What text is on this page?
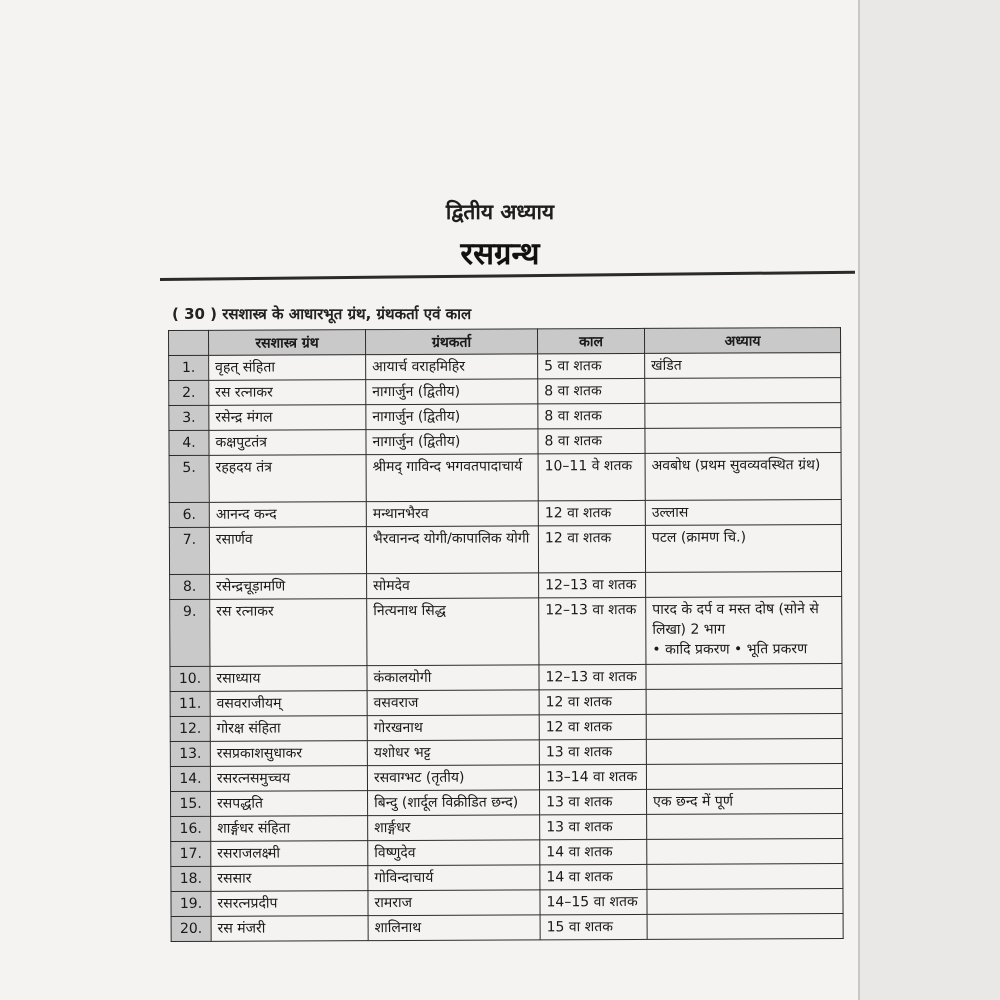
द्वितीय अध्याय
रसग्रन्थ
( 30 ) रसशास्त्र के आधारभूत ग्रंथ, ग्रंथकर्ता एवं काल
	रसशास्त्र ग्रंथ	ग्रंथकर्ता	काल	अध्याय
1.	वृहत् संहिता	आयार्च वराहमिहिर	5 वा शतक	खंडित
2.	रस रत्नाकर	नागार्जुन (द्वितीय)	8 वा शतक	
3.	रसेन्द्र मंगल	नागार्जुन (द्वितीय)	8 वा शतक	
4.	कक्षपुटतंत्र	नागार्जुन (द्वितीय)	8 वा शतक	
5.	रहहदय तंत्र	श्रीमद् गाविन्द भगवतपादाचार्य	10–11 वे शतक	अवबोध (प्रथम सुवव्यवस्थित ग्रंथ)
6.	आनन्द कन्द	मन्थानभैरव	12 वा शतक	उल्लास
7.	रसार्णव	भैरवानन्द योगी/कापालिक योगी	12 वा शतक	पटल (क्रामण चि.)
8.	रसेन्द्रचूड़ामणि	सोमदेव	12–13 वा शतक	
9.	रस रत्नाकर	नित्यनाथ सिद्ध	12–13 वा शतक	पारद के दर्प व मस्त दोष (सोने से लिखा) 2 भाग
• कादि प्रकरण • भूति प्रकरण

10.	रसाध्याय	कंकालयोगी	12–13 वा शतक	
11.	वसवराजीयम्	वसवराज	12 वा शतक	
12.	गोरक्ष संहिता	गोरखनाथ	12 वा शतक	
13.	रसप्रकाशसुधाकर	यशोधर भट्ट	13 वा शतक	
14.	रसरत्नसमुच्चय	रसवाग्भट (तृतीय)	13–14 वा शतक	
15.	रसपद्धति	बिन्दु (शार्दूल विक्रीडित छन्द)	13 वा शतक	एक छन्द में पूर्ण
16.	शार्ङ्गधर संहिता	शार्ङ्गधर	13 वा शतक	
17.	रसराजलक्ष्मी	विष्णुदेव	14 वा शतक	
18.	रससार	गोविन्दाचार्य	14 वा शतक	
19.	रसरत्नप्रदीप	रामराज	14–15 वा शतक	
20.	रस मंजरी	शालिनाथ	15 वा शतक	
